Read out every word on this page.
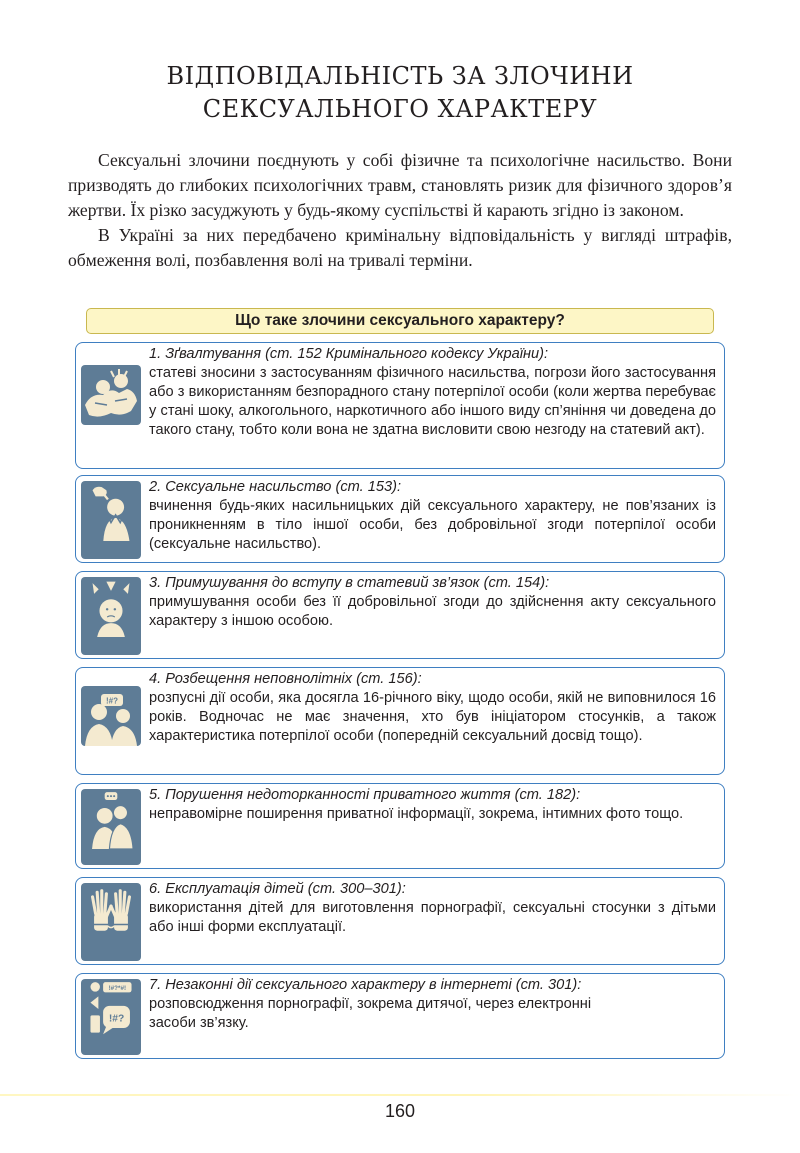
ВІДПОВІДАЛЬНІСТЬ ЗА ЗЛОЧИНИ
СЕКСУАЛЬНОГО ХАРАКТЕРУ

Сексуальні злочини поєднують у собі фізичне та психологічне насильство. Вони призводять до глибоких психологічних травм, становлять ризик для фізичного здоров’я жертви. Їх різко засуджують у будь-якому суспільстві й карають згідно із законом.

В Україні за них передбачено кримінальну відповідальність у вигляді штрафів, обмеження волі, позбавлення волі на тривалі терміни.

Що таке злочини сексуального характеру?
1. Зґвалтування (ст. 152 Кримінального кодексу України):
статеві зносини з застосуванням фізичного насильства, погрози його застосування або з використанням безпорадного стану потерпілої особи (коли жертва перебуває у стані шоку, алкогольного, наркотичного або іншого виду сп’яніння чи доведена до такого стану, тобто коли вона не здатна висловити свою незгоду на статевий акт).
2. Сексуальне насильство (ст. 153):
вчинення будь-яких насильницьких дій сексуального характеру, не пов’язаних із проникненням в тіло іншої особи, без добровільної згоди потерпілої особи (сексуальне насильство).
3. Примушування до вступу в статевий зв’язок (ст. 154):
примушування особи без її добровільної згоди до здійснення акту сексуального характеру з іншою особою.
!#?
4. Розбещення неповнолітніх (ст. 156):
розпусні дії особи, яка досягла 16-річного віку, щодо особи, якій не виповнилося 16 років. Водночас не має значення, хто був ініціатором стосунків, а також характеристика потерпілої особи (попередній сексуальний досвід тощо).
5. Порушення недоторканності приватного життя (ст. 182):
неправомірне поширення приватної інформації, зокрема, інтимних фото тощо.
6. Експлуатація дітей (ст. 300–301):
використання дітей для виготовлення порнографії, сексуальні стосунки з дітьми або інші форми експлуатації.
!#?*#!
!#?
7. Незаконні дії сексуального характеру в інтернеті (ст. 301):
розповсюдження порнографії, зокрема дитячої, через електронні засоби зв’язку.
160
